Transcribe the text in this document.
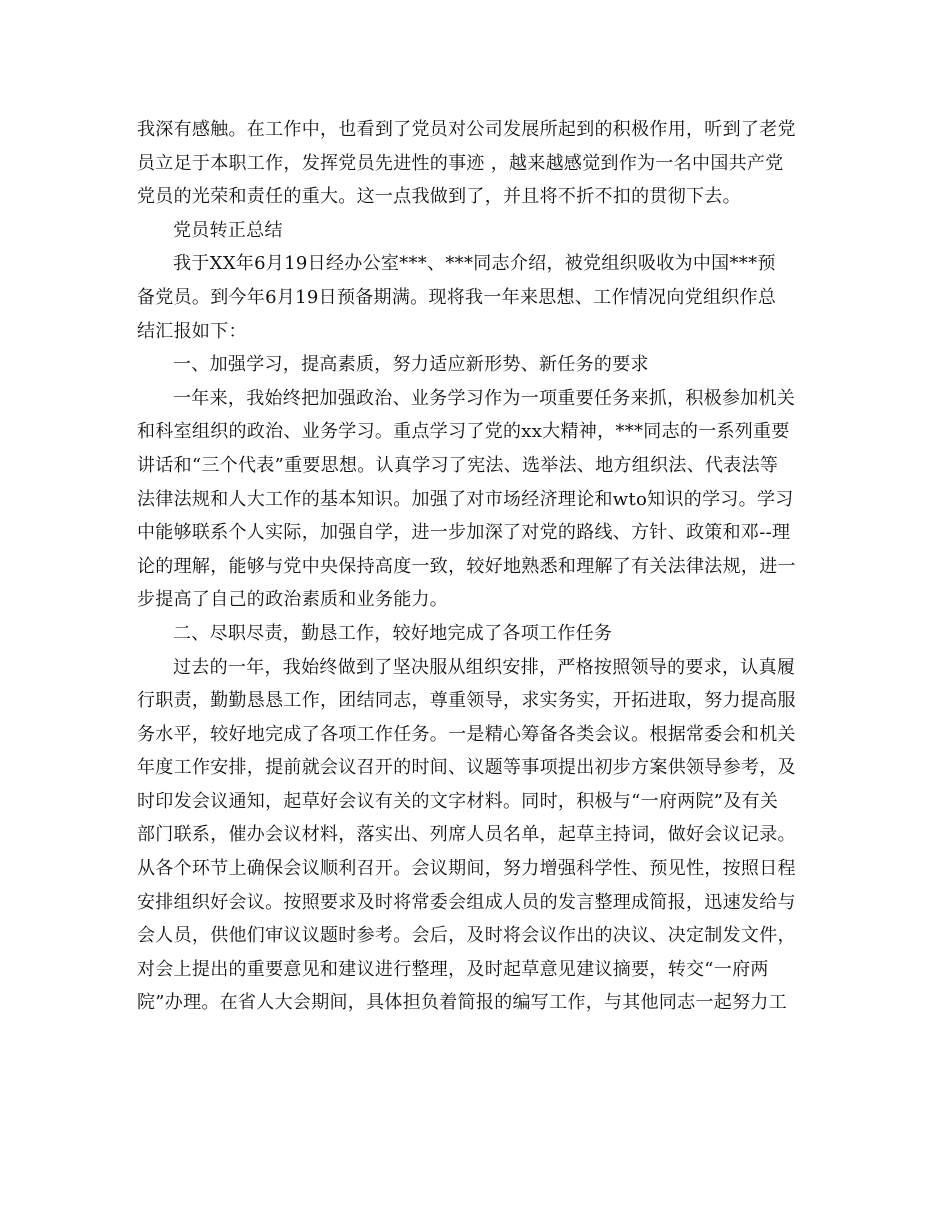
我深有感触。在工作中，也看到了党员对公司发展所起到的积极作用，听到了老党
员立足于本职工作，发挥党员先进性的事迹 ，越来越感觉到作为一名中国共产党
党员的光荣和责任的重大。这一点我做到了，并且将不折不扣的贯彻下去。
党员转正总结
我于XX年6月19日经办公室***、***同志介绍，被党组织吸收为中国***预
备党员。到今年6月19日预备期满。现将我一年来思想、工作情况向党组织作总
结汇报如下：
一、加强学习，提高素质，努力适应新形势、新任务的要求
一年来，我始终把加强政治、业务学习作为一项重要任务来抓，积极参加机关
和科室组织的政治、业务学习。重点学习了党的xx大精神，***同志的一系列重要
讲话和“三个代表”重要思想。认真学习了宪法、选举法、地方组织法、代表法等
法律法规和人大工作的基本知识。加强了对市场经济理论和wto知识的学习。学习
中能够联系个人实际，加强自学，进一步加深了对党的路线、方针、政策和邓--理
论的理解，能够与党中央保持高度一致，较好地熟悉和理解了有关法律法规，进一
步提高了自己的政治素质和业务能力。
二、尽职尽责，勤恳工作，较好地完成了各项工作任务
过去的一年，我始终做到了坚决服从组织安排，严格按照领导的要求，认真履
行职责，勤勤恳恳工作，团结同志，尊重领导，求实务实，开拓进取，努力提高服
务水平，较好地完成了各项工作任务。一是精心筹备各类会议。根据常委会和机关
年度工作安排，提前就会议召开的时间、议题等事项提出初步方案供领导参考，及
时印发会议通知，起草好会议有关的文字材料。同时，积极与“一府两院”及有关
部门联系，催办会议材料，落实出、列席人员名单，起草主持词，做好会议记录。
从各个环节上确保会议顺利召开。会议期间，努力增强科学性、预见性，按照日程
安排组织好会议。按照要求及时将常委会组成人员的发言整理成简报，迅速发给与
会人员，供他们审议议题时参考。会后，及时将会议作出的决议、决定制发文件，
对会上提出的重要意见和建议进行整理，及时起草意见建议摘要，转交“一府两
院”办理。在省人大会期间，具体担负着简报的编写工作，与其他同志一起努力工
